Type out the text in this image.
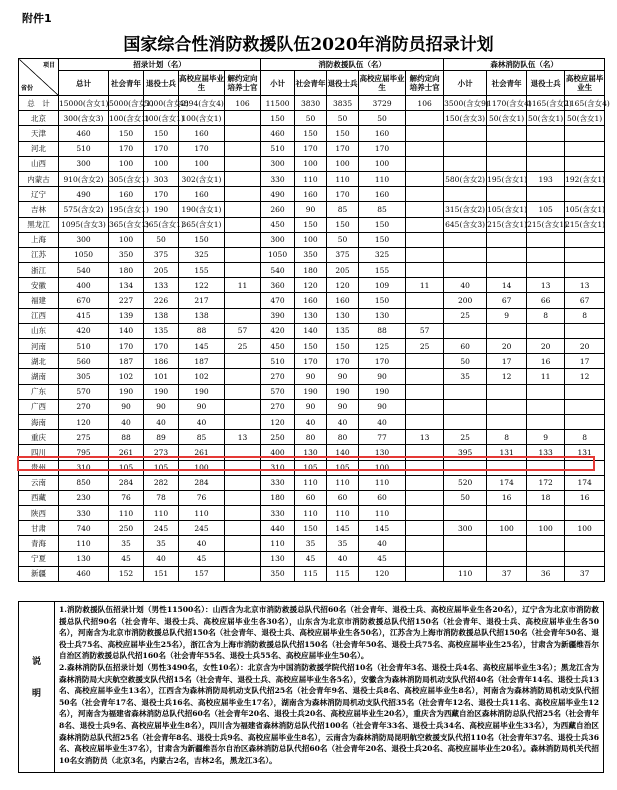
附件1
国家综合性消防救援队伍2020年消防员招录计划
项目
省份	招录计划（名）					消防救援队伍（名）					森林消防队伍（名）			
	总计	社会青年	退役士兵	高校应届毕业生	解约定向培养士官	小计	社会青年	退役士兵	高校应届毕业生	解约定向培养士官	小计	社会青年	退役士兵	高校应届毕业生
总　计	15000(含女1)	5000(含女1)	5000(含女2)	4894(含女4)	106	11500	3830	3835	3729	106	3500(含女9)	1170(含女4)	1165(含女2)	1165(含女4)
北京	300(含女3)	100(含女1)	100(含女1)	100(含女1)		150	50	50	50		150(含女3)	50(含女1)	50(含女1)	50(含女1)
天津	460	150	150	160		460	150	150	160					
河北	510	170	170	170		510	170	170	170					
山西	300	100	100	100		300	100	100	100					
内蒙古	910(含女2)	305(含女1)	303	302(含女1)		330	110	110	110		580(含女2)	195(含女1)	193	192(含女1)
辽宁	490	160	170	160		490	160	170	160					
吉林	575(含女2)	195(含女1)	190	190(含女1)		260	90	85	85		315(含女2)	105(含女1)	105	105(含女1)
黑龙江	1095(含女3)	365(含女1)	365(含女1)	365(含女1)		450	150	150	150		645(含女3)	215(含女1)	215(含女1)	215(含女1)
上海	300	100	50	150		300	100	50	150					
江苏	1050	350	375	325		1050	350	375	325					
浙江	540	180	205	155		540	180	205	155					
安徽	400	134	133	122	11	360	120	120	109	11	40	14	13	13
福建	670	227	226	217		470	160	160	150		200	67	66	67
江西	415	139	138	138		390	130	130	130		25	9	8	8
山东	420	140	135	88	57	420	140	135	88	57				
河南	510	170	170	145	25	450	150	150	125	25	60	20	20	20
湖北	560	187	186	187		510	170	170	170		50	17	16	17
湖南	305	102	101	102		270	90	90	90		35	12	11	12
广东	570	190	190	190		570	190	190	190					
广西	270	90	90	90		270	90	90	90					
海南	120	40	40	40		120	40	40	40					
重庆	275	88	89	85	13	250	80	80	77	13	25	8	9	8
四川	795	261	273	261		400	130	140	130		395	131	133	131
贵州	310	105	105	100		310	105	105	100					
云南	850	284	282	284		330	110	110	110		520	174	172	174
西藏	230	76	78	76		180	60	60	60		50	16	18	16
陕西	330	110	110	110		330	110	110	110					
甘肃	740	250	245	245		440	150	145	145		300	100	100	100
青海	110	35	35	40		110	35	35	40					
宁夏	130	45	40	45		130	45	40	45					
新疆	460	152	151	157		350	115	115	120		110	37	36	37
说
明

1.消防救援队伍招录计划（男性11500名）：山西含为北京市消防救援总队代招60名（社会青年、退役士兵、高校应届毕业生各20名），辽宁含为北京市消防救援总队代招90名（社会青年、退役士兵、高校应届毕业生各30名），山东含为北京市消防救援总队代招150名（社会青年、退役士兵、高校应届毕业生各50名），河南含为北京市消防救援总队代招150名（社会青年、退役士兵、高校应届毕业生各50名），江苏含为上海市消防救援总队代招150名（社会青年50名、退役士兵75名、高校应届毕业生25名），浙江含为上海市消防救援总队代招150名（社会青年50名、退役士兵75名、高校应届毕业生25名），甘肃含为新疆维吾尔自治区消防救援总队代招160名（社会青年55名、退役士兵55名、高校应届毕业生50名）。

2.森林消防队伍招录计划（男性3490名，女性10名）：北京含为中国消防救援学院代招10名（社会青年3名、退役士兵4名、高校应届毕业生3名）；黑龙江含为森林消防局大庆航空救援支队代招15名（社会青年、退役士兵、高校应届毕业生各5名），安徽含为森林消防局机动支队代招40名（社会青年14名、退役士兵13名、高校应届毕业生13名），江西含为森林消防局机动支队代招25名（社会青年9名、退役士兵8名、高校应届毕业生8名），河南含为森林消防局机动支队代招50名（社会青年17名、退役士兵16名、高校应届毕业生17名），湖南含为森林消防局机动支队代招35名（社会青年12名、退役士兵11名、高校应届毕业生12名），河南含为福建省森林消防总队代招60名（社会青年20名、退役士兵20名、高校应届毕业生20名），重庆含为西藏自治区森林消防总队代招25名（社会青年8名、退役士兵9名、高校应届毕业生8名），四川含为福建省森林消防总队代招100名（社会青年33名、退役士兵34名、高校应届毕业生33名），为西藏自治区森林消防总队代招25名（社会青年8名、退役士兵9名、高校应届毕业生8名），云南含为森林消防局昆明航空救援支队代招110名（社会青年37名、退役士兵36名、高校应届毕业生37名），甘肃含为新疆维吾尔自治区森林消防总队代招60名（社会青年20名、退役士兵20名、高校应届毕业生20名）。森林消防局机关代招10名女消防员（北京3名，内蒙古2名，吉林2名，黑龙江3名）。
